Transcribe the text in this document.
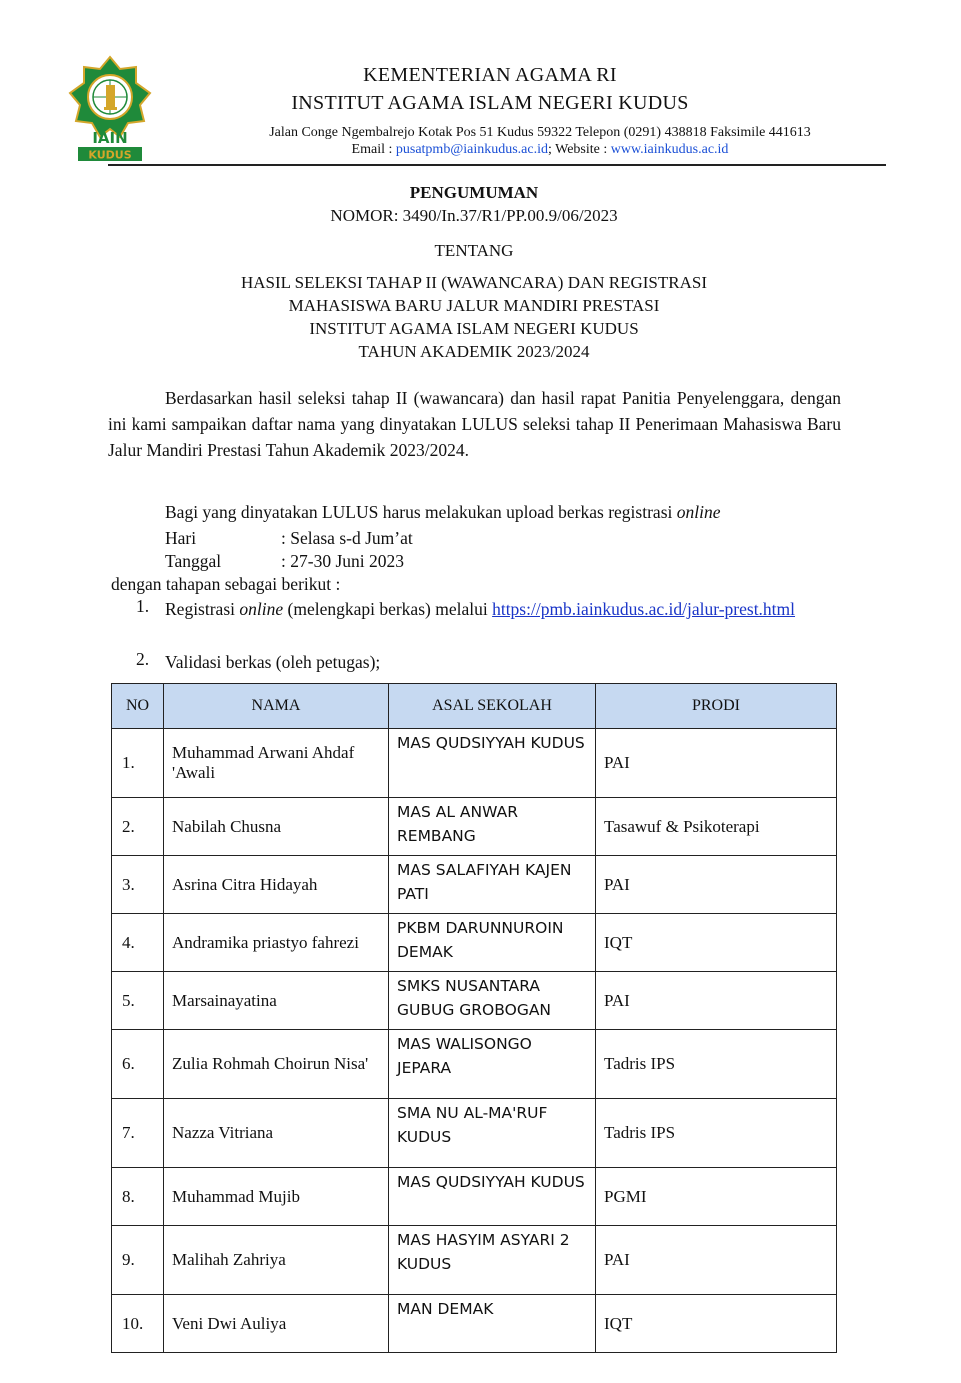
IAIN
KUDUS
KEMENTERIAN AGAMA RI
INSTITUT AGAMA ISLAM NEGERI KUDUS
Jalan Conge Ngembalrejo Kotak Pos 51 Kudus 59322 Telepon (0291) 438818 Faksimile 441613
Email : pusatpmb@iainkudus.ac.id; Website : www.iainkudus.ac.id
PENGUMUMAN
NOMOR: 3490/In.37/R1/PP.00.9/06/2023
TENTANG
HASIL SELEKSI TAHAP II (WAWANCARA) DAN REGISTRASI
MAHASISWA BARU JALUR MANDIRI PRESTASI
INSTITUT AGAMA ISLAM NEGERI KUDUS
TAHUN AKADEMIK 2023/2024
Berdasarkan hasil seleksi tahap II (wawancara) dan hasil rapat Panitia Penyelenggara, dengan ini kami sampaikan daftar nama yang dinyatakan LULUS seleksi tahap II Penerimaan Mahasiswa Baru Jalur Mandiri Prestasi Tahun Akademik 2023/2024.
Bagi yang dinyatakan LULUS harus melakukan upload berkas registrasi online
Hari	: Selasa s-d Jum’at
Tanggal	: 27-30 Juni 2023
dengan tahapan sebagai berikut :
1. Registrasi online (melengkapi berkas) melalui https://pmb.iainkudus.ac.id/jalur-prest.html
2. Validasi berkas (oleh petugas);
NO	NAMA	ASAL SEKOLAH	PRODI
1.	Muhammad Arwani Ahdaf 'Awali	MAS QUDSIYYAH KUDUS	PAI
2.	Nabilah Chusna	MAS AL ANWAR REMBANG	Tasawuf & Psikoterapi
3.	Asrina Citra Hidayah	MAS SALAFIYAH KAJEN PATI	PAI
4.	Andramika priastyo fahrezi	PKBM DARUNNUROIN DEMAK	IQT
5.	Marsainayatina	SMKS NUSANTARA GUBUG GROBOGAN	PAI
6.	Zulia Rohmah Choirun Nisa'	MAS WALISONGO JEPARA	Tadris IPS
7.	Nazza Vitriana	SMA NU AL-MA'RUF KUDUS	Tadris IPS
8.	Muhammad Mujib	MAS QUDSIYYAH KUDUS	PGMI
9.	Malihah Zahriya	MAS HASYIM ASYARI 2 KUDUS	PAI
10.	Veni Dwi Auliya	MAN DEMAK	IQT
